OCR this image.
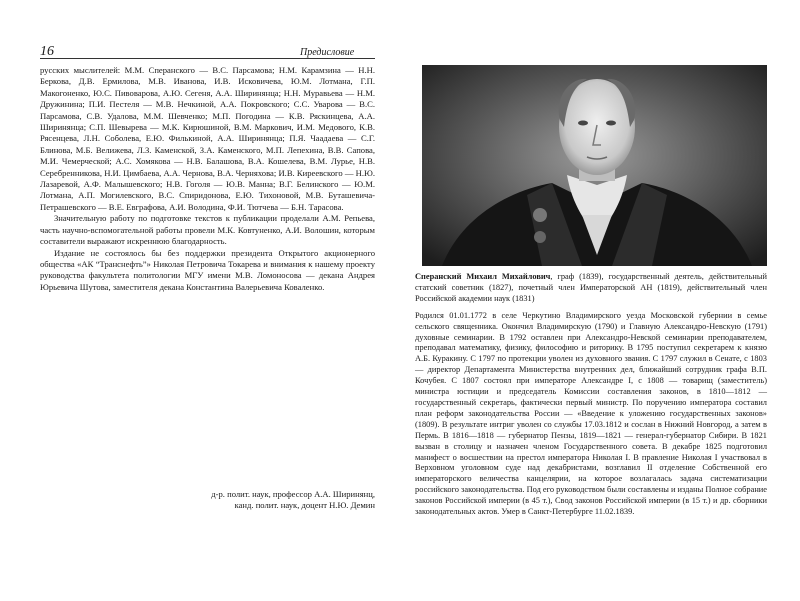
16	Предисловие

русских мыслителей: М.М. Сперанского — В.С. Парсамова; Н.М. Карамзина — Н.Н. Беркова, Д.В. Ермилова, М.В. Иванова, И.В. Исковичева, Ю.М. Лотмана, Г.П. Макогоненко, Ю.С. Пивоварова, А.Ю. Сегеня, А.А. Ширинянца; Н.Н. Муравьева — Н.М. Дружинина; П.И. Пестеля — М.В. Нечкиной, А.А. Покровского; С.С. Уварова — В.С. Парсамова, С.В. Удалова, М.М. Шевченко; М.П. Погодина — К.В. Ряскинцева, А.А. Ширинянца; С.П. Шевырева — М.К. Кирюшиной, В.М. Маркович, И.М. Медового, К.В. Рясенцева, Л.Н. Соболева, Е.Ю. Филькиной, А.А. Ширинянца; П.Я. Чаадаева — С.Г. Блинова, М.Б. Велижева, Л.З. Каменской, З.А. Каменского, М.П. Лепехина, В.В. Сапова, М.И. Чемерческой; А.С. Хомякова — Н.В. Балашова, В.А. Кошелева, В.М. Лурье, Н.В. Серебренникова, Н.И. Цимбаева, А.А. Чернова, В.А. Черняхова; И.В. Киреевского — Н.Ю. Лазаревой, А.Ф. Малышевского; Н.В. Гоголя — Ю.В. Манна; В.Г. Белинского — Ю.М. Лотмана, А.П. Могилевского, В.С. Спиридонова, Е.Ю. Тихоновой, М.В. Буташевича-Петрашевского — В.Е. Евграфова, А.И. Володина, Ф.И. Тютчева — Б.Н. Тарасова.

Значительную работу по подготовке текстов к публикации проделали А.М. Репьева, часть научно-вспомогательной работы провели М.К. Ковтуненко, А.И. Волошин, которым составители выражают искреннюю благодарность.

Издание не состоялось бы без поддержки президента Открытого акционерного общества «АК “Транснефть”» Николая Петровича Токарева и внимания к нашему проекту руководства факультета политологии МГУ имени М.В. Ломоносова — декана Андрея Юрьевича Шутова, заместителя декана Константина Валерьевича Коваленко.

д-р. полит. наук, профессор А.А. Ширинянц,
канд. полит. наук, доцент Н.Ю. Демин

Сперанский Михаил Михайлович, граф (1839), государственный деятель, действительный статский советник (1827), почетный член Императорской АН (1819), действительный член Российской академии наук (1831)

Родился 01.01.1772 в селе Черкутино Владимирского уезда Московской губернии в семье сельского священника. Окончил Владимирскую (1790) и Главную Александро-Невскую (1791) духовные семинарии. В 1792 оставлен при Александро-Невской семинарии преподавателем, преподавал математику, физику, философию и риторику. В 1795 поступил секретарем к князю А.Б. Куракину. С 1797 по протекции уволен из духовного звания. С 1797 служил в Сенате, с 1803 — директор Департамента Министерства внутренних дел, ближайший сотрудник графа В.П. Кочубея. С 1807 состоял при императоре Александре I, с 1808 — товарищ (заместитель) министра юстиции и председатель Комиссии составления законов, в 1810—1812 — государственный секретарь, фактически первый министр. По поручению императора составил план реформ законодательства России — «Введение к уложению государственных законов» (1809). В результате интриг уволен со службы 17.03.1812 и сослан в Нижний Новгород, а затем в Пермь. В 1816—1818 — губернатор Пензы, 1819—1821 — генерал-губернатор Сибири. В 1821 вызван в столицу и назначен членом Государственного совета. В декабре 1825 подготовил манифест о восшествии на престол императора Николая I. В правление Николая I участвовал в Верховном уголовном суде над декабристами, возглавил II отделение Собственной его императорского величества канцелярии, на которое возлагалась задача систематизации российского законодательства. Под его руководством были составлены и изданы Полное собрание законов Российской империи (в 45 т.), Свод законов Российской империи (в 15 т.) и др. сборники законодательных актов. Умер в Санкт-Петербурге 11.02.1839.
